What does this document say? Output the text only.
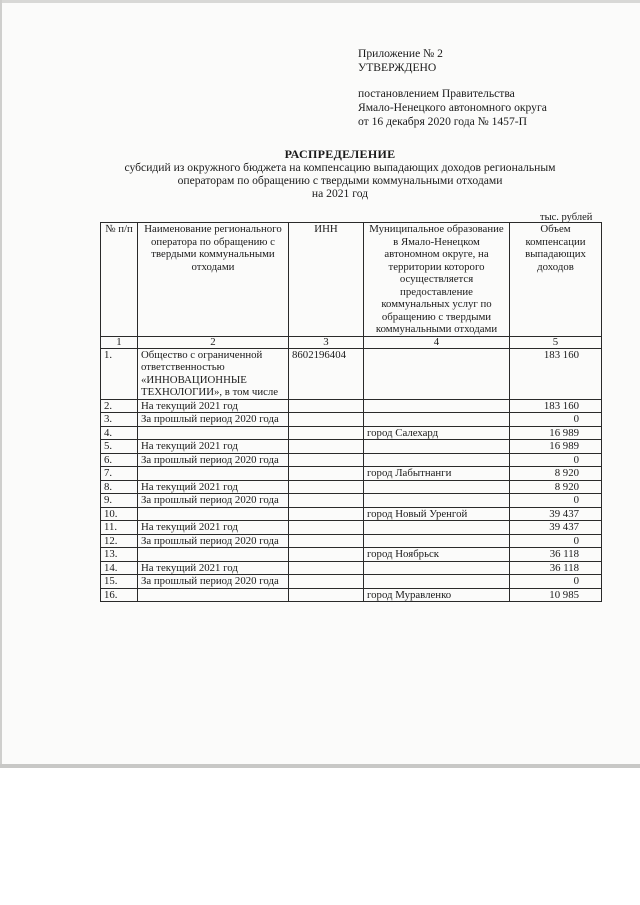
Приложение № 2
УТВЕРЖДЕНО
постановлением Правительства
Ямало-Ненецкого автономного округа
от 16 декабря 2020 года № 1457-П
РАСПРЕДЕЛЕНИЕ
субсидий из окружного бюджета на компенсацию выпадающих доходов региональным
операторам по обращению с твердыми коммунальными отходами
на 2021 год
тыс. рублей
№ п/п	Наименование регионального оператора по обращению с твердыми коммунальными отходами	ИНН	Муниципальное образование в Ямало-Ненецком автономном округе, на территории которого осуществляется предоставление коммунальных услуг по обращению с твердыми коммунальными отходами	Объем компенсации выпадающих доходов
1	2	3	4	5
1.	Общество с ограниченной ответственностью «ИННОВАЦИОННЫЕ ТЕХНОЛОГИИ», в том числе	8602196404		183 160
2.	На текущий 2021 год			183 160
3.	За прошлый период 2020 года			0
4.			город Салехард	16 989
5.	На текущий 2021 год			16 989
6.	За прошлый период 2020 года			0
7.			город Лабытнанги	8 920
8.	На текущий 2021 год			8 920
9.	За прошлый период 2020 года			0
10.			город Новый Уренгой	39 437
11.	На текущий 2021 год			39 437
12.	За прошлый период 2020 года			0
13.			город Ноябрьск	36 118
14.	На текущий 2021 год			36 118
15.	За прошлый период 2020 года			0
16.			город Муравленко	10 985
